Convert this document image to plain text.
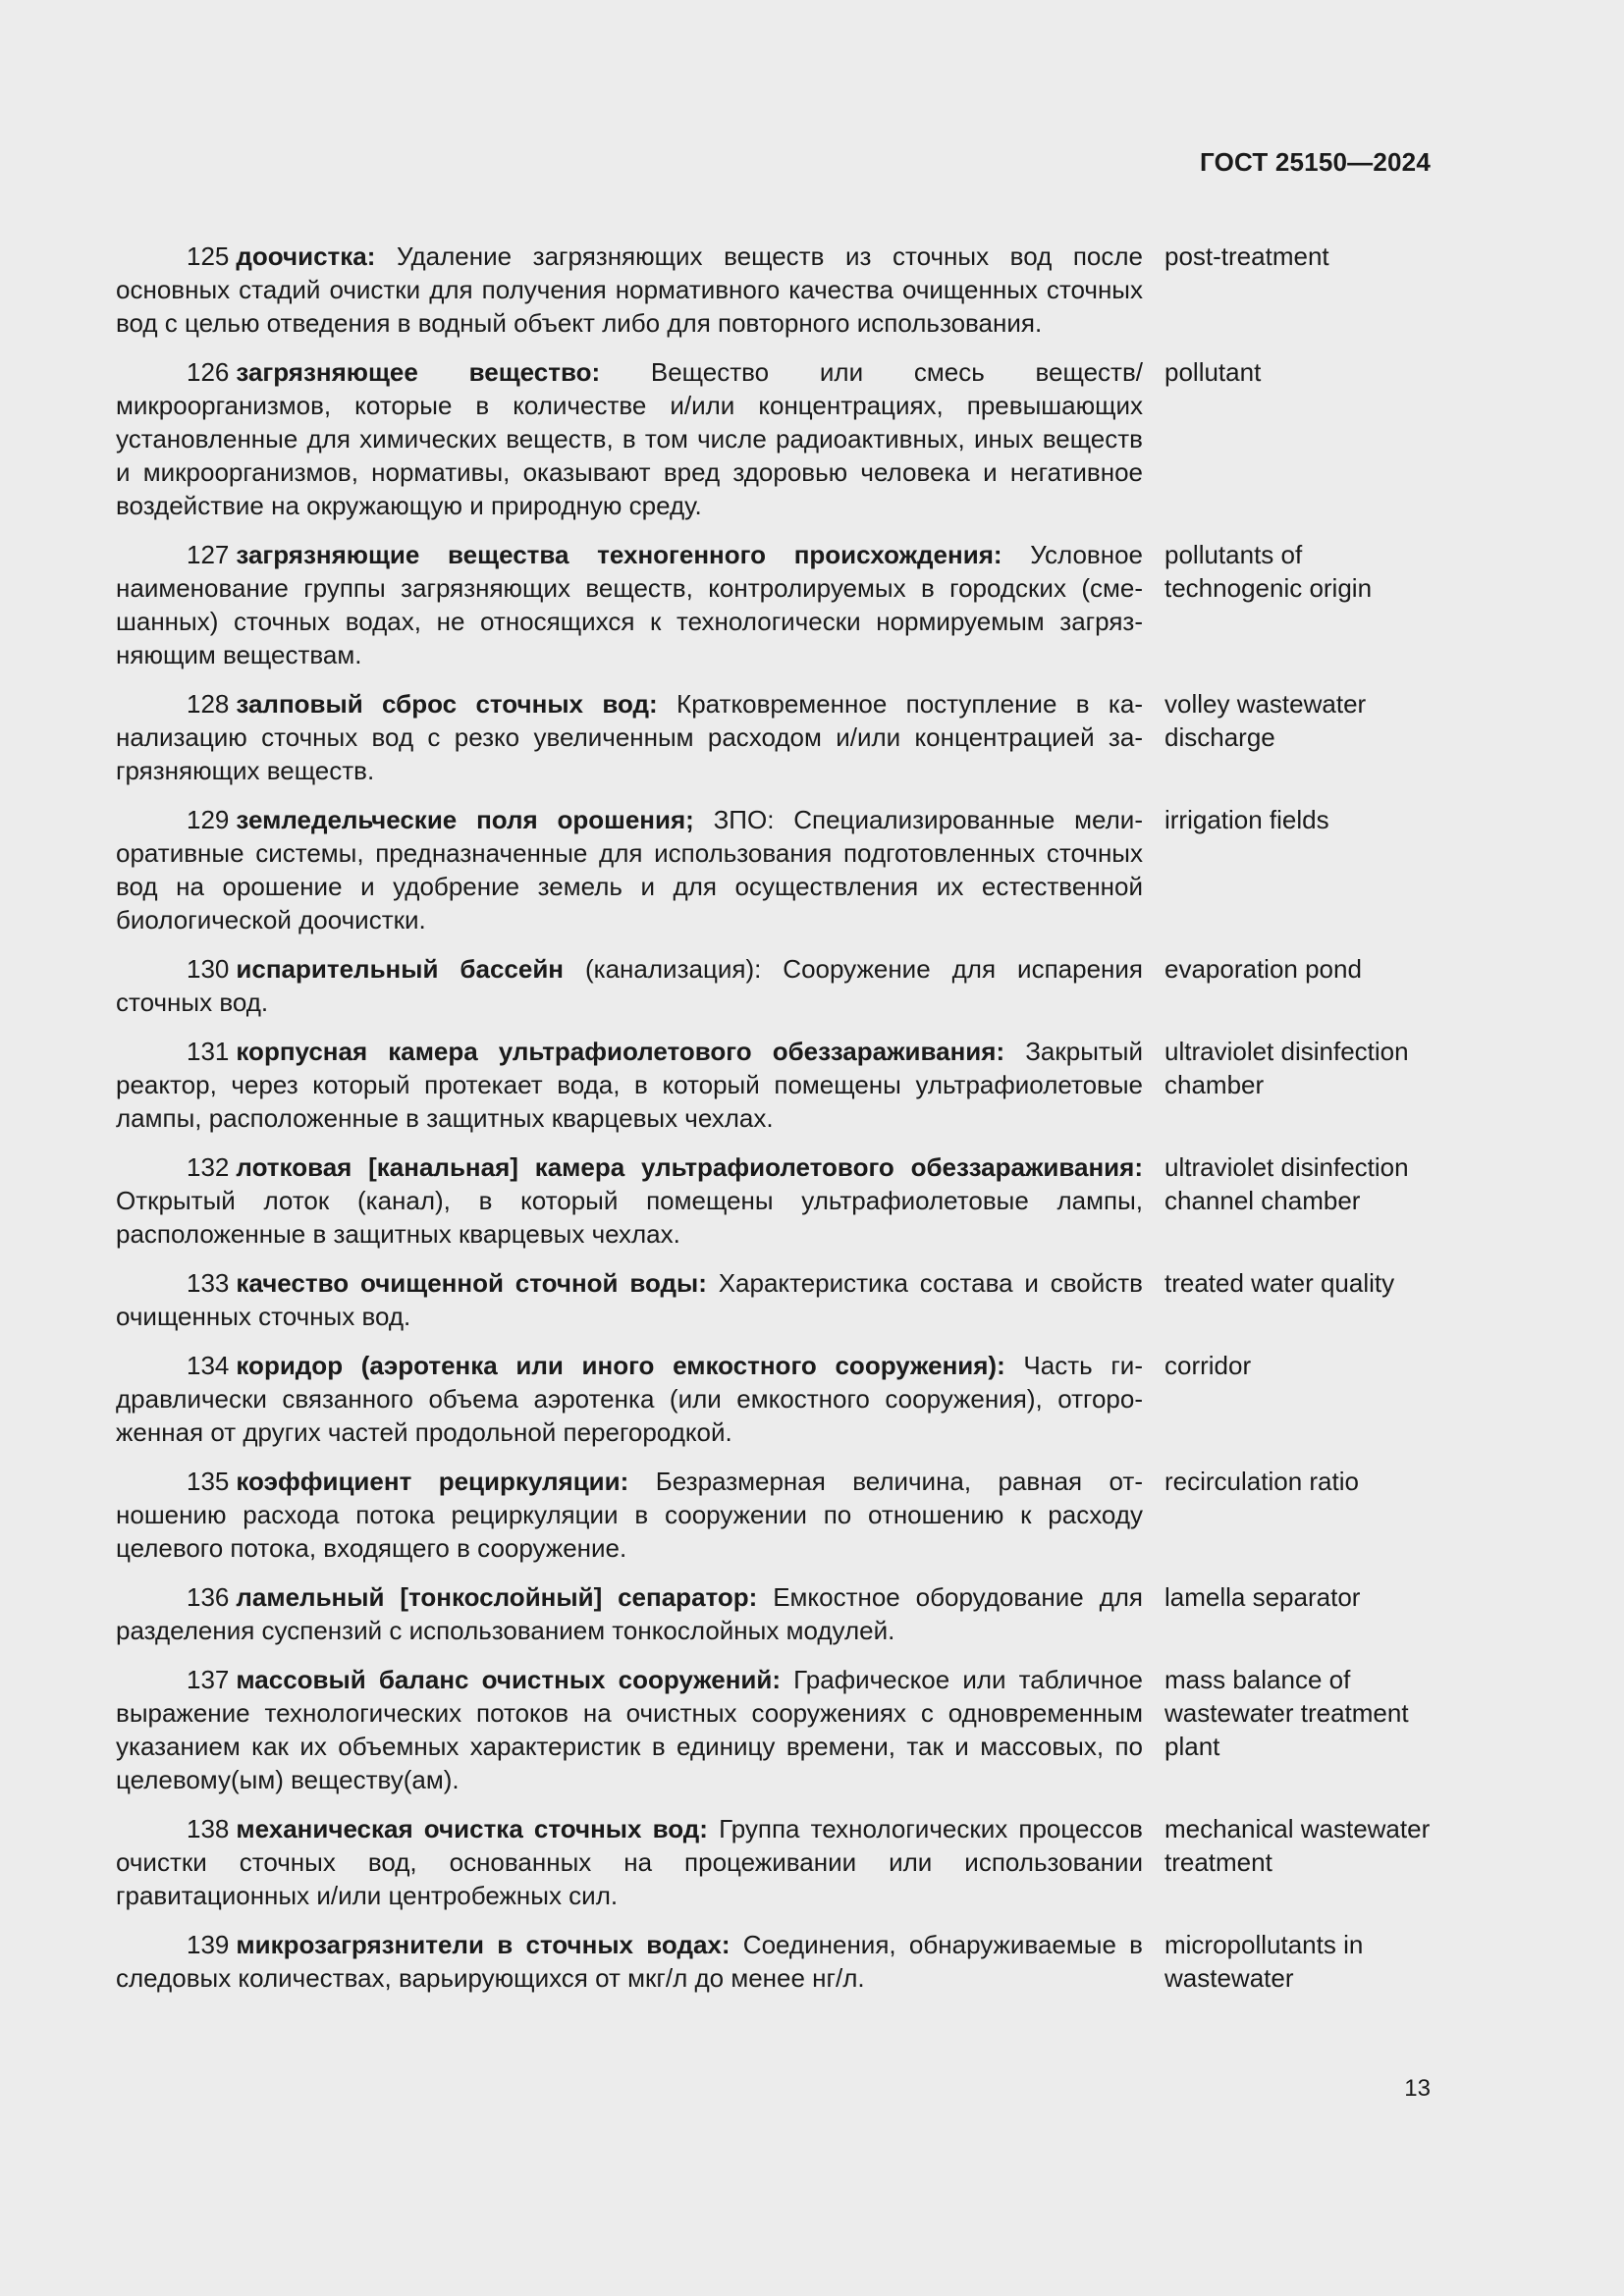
ГОСТ 25150—2024
125 доочистка: Удаление загрязняющих веществ из сточных вод после основных стадий очистки для получения нормативного качества очищенных сточных вод с целью отведения в водный объект либо для повторного использования.
post-treatment
126 загрязняющее вещество: Вещество или смесь веществ/ микроорганизмов, которые в количестве и/или концентрациях, превышающих установленные для химических веществ, в том числе радиоактивных, иных веществ и микроорганизмов, нормативы, оказывают вред здоровью человека и негативное воздействие на окружающую и природную среду.
pollutant
127 загрязняющие вещества техногенного происхождения: Условное наименование группы загрязняющих веществ, контролируемых в городских (смешанных) сточных водах, не относящихся к технологически нормируемым загрязняющим веществам.
pollutants of technogenic origin
128 залповый сброс сточных вод: Кратковременное поступление в канализацию сточных вод с резко увеличенным расходом и/или концентрацией загрязняющих веществ.
volley wastewater discharge
129 земледельческие поля орошения; ЗПО: Специализированные мелиоративные системы, предназначенные для использования подготовленных сточных вод на орошение и удобрение земель и для осуществления их естественной биологической доочистки.
irrigation fields
130 испарительный бассейн (канализация): Сооружение для испарения сточных вод.
evaporation pond
131 корпусная камера ультрафиолетового обеззараживания: Закрытый реактор, через который протекает вода, в который помещены ультрафиолетовые лампы, расположенные в защитных кварцевых чехлах.
ultraviolet disinfection chamber
132 лотковая [канальная] камера ультрафиолетового обеззараживания: Открытый лоток (канал), в который помещены ультрафиолетовые лампы, расположенные в защитных кварцевых чехлах.
ultraviolet disinfection channel chamber
133 качество очищенной сточной воды: Характеристика состава и свойств очищенных сточных вод.
treated water quality
134 коридор (аэротенка или иного емкостного сооружения): Часть гидравлически связанного объема аэротенка (или емкостного сооружения), отгороженная от других частей продольной перегородкой.
corridor
135 коэффициент рециркуляции: Безразмерная величина, равная отношению расхода потока рециркуляции в сооружении по отношению к расходу целевого потока, входящего в сооружение.
recirculation ratio
136 ламельный [тонкослойный] сепаратор: Емкостное оборудование для разделения суспензий с использованием тонкослойных модулей.
lamella separator
137 массовый баланс очистных сооружений: Графическое или табличное выражение технологических потоков на очистных сооружениях с одновременным указанием как их объемных характеристик в единицу времени, так и массовых, по целевому(ым) веществу(ам).
mass balance of wastewater treatment plant
138 механическая очистка сточных вод: Группа технологических процессов очистки сточных вод, основанных на процеживании или использовании гравитационных и/или центробежных сил.
mechanical wastewater treatment
139 микрозагрязнители в сточных водах: Соединения, обнаруживаемые в следовых количествах, варьирующихся от мкг/л до менее нг/л.
micropollutants in wastewater
13
